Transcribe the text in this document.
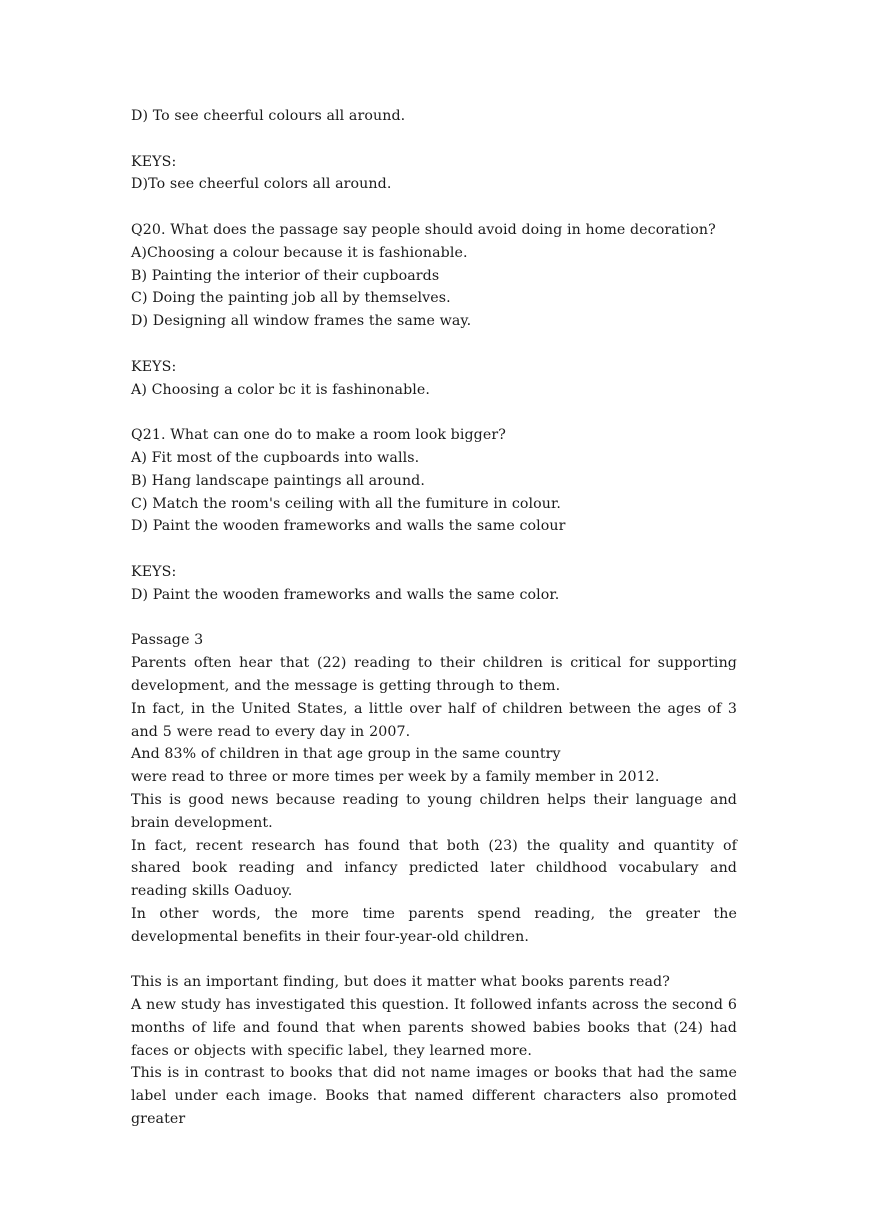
D) To see cheerful colours all around.
KEYS:
D)To see cheerful colors all around.
Q20. What does the passage say people should avoid doing in home decoration?
A)Choosing a colour because it is fashionable.
B) Painting the interior of their cupboards
C) Doing the painting job all by themselves.
D) Designing all window frames the same way.
KEYS:
A) Choosing a color bc it is fashinonable.
Q21. What can one do to make a room look bigger?
A) Fit most of the cupboards into walls.
B) Hang landscape paintings all around.
C) Match the room's ceiling with all the fumiture in colour.
D) Paint the wooden frameworks and walls the same colour
KEYS:
D) Paint the wooden frameworks and walls the same color.
Passage 3
Parents often hear that (22) reading to their children is critical for supporting development, and the message is getting through to them.
In fact, in the United States, a little over half of children between the ages of 3 and 5 were read to every day in 2007.
And 83% of children in that age group in the same country
were read to three or more times per week by a family member in 2012.
This is good news because reading to young children helps their language and brain development.
In fact, recent research has found that both (23) the quality and quantity of shared book reading and infancy predicted later childhood vocabulary and reading skills Oaduoy.
In other words, the more time parents spend reading, the greater the developmental benefits in their four-year-old children.
This is an important finding, but does it matter what books parents read?
A new study has investigated this question. It followed infants across the second 6 months of life and found that when parents showed babies books that (24) had faces or objects with specific label, they learned more.
This is in contrast to books that did not name images or books that had the same label under each image. Books that named different characters also promoted greater
